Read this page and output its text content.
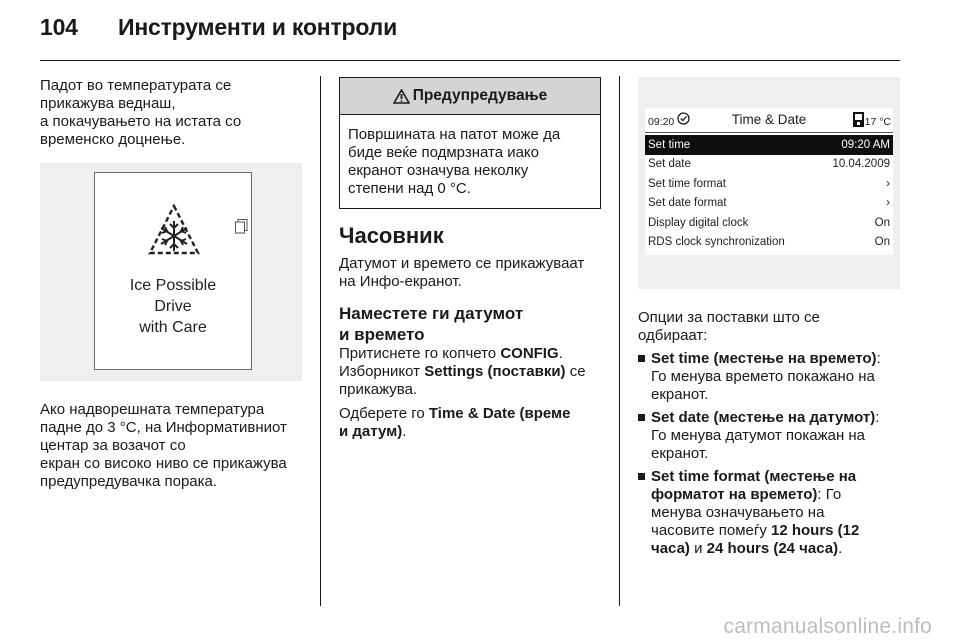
104 Инструменти и контроли

Падот во температурата се
прикажува веднаш,
а покачувањето на истата со
временско доцнење.

Ice Possible
Drive
with Care

Ако надворешната температура
падне до 3 °C, на Информативниот
центар за возачот со
екран со високо ниво се прикажува
предупредувачка порака.

Предупредување
Површината на патот може да
биде веќе подмрзната иако
екранот означува неколку
степени над 0 °C.
Часовник

Датумот и времето се прикажуваат
на Инфо-екранот.

Наместете ги датумот
и времето

Притиснете го копчето CONFIG.

Изборникот Settings (поставки) се
прикажува.

Одберете го Time & Date (време
и датум).

09:20	Time & Date	17 °C
Set time	09:20 AM
Set date	10.04.2009
Set time format	›
Set date format	›
Display digital clock	On
RDS clock synchronization	On

Опции за поставки што се
одбираат:

Set time (местење на времето):
Го менува времето покажано на
екранот.
Set date (местење на датумот):
Го менува датумот покажан на
екранот.
Set time format (местење на
форматот на времето): Го
менува означувањето на
часовите помеѓу 12 hours (12
часа) и 24 hours (24 часа).
carmanualsonline.info
